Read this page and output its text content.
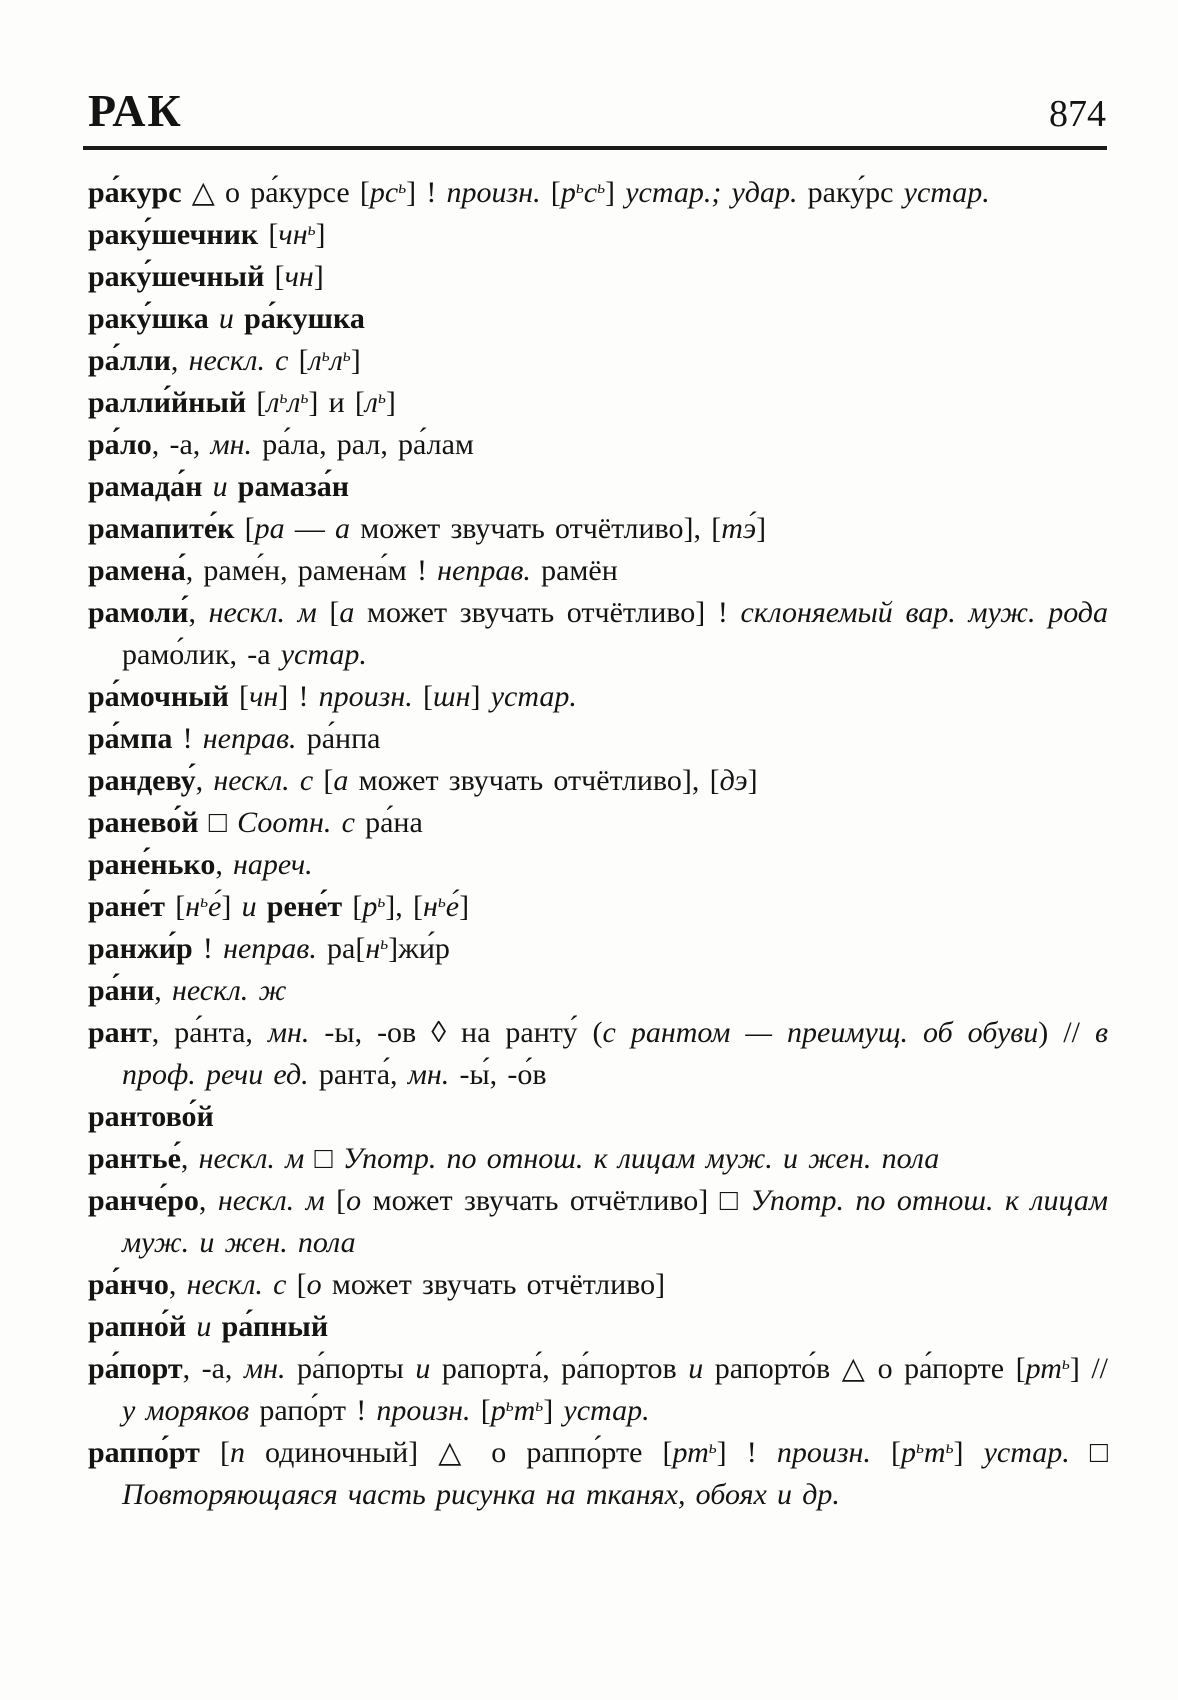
РАК	874

ра́курс △ о ра́курсе $[рс^ь]$ ! произн. $[р^ьс^ь]$ устар.; удар. раку́рс устар.

раку́шечник $[чн^ь]$

раку́шечный [чн]

раку́шка и ра́кушка

ра́лли, нескл. с $[л^ьл^ь]$

ралли́йный $[л^ьл^ь]$ и $[л^ь]$

ра́ло, -а, мн. ра́ла, рал, ра́лам

рамада́н и рамаза́н

рамапите́к [ра — а может звучать отчётливо], [тэ́]

рамена́, раме́н, рамена́м ! неправ. рамён

рамоли́, нескл. м [а может звучать отчётливо] ! склоняемый вар. муж. рода рамо́лик, -а устар.

ра́мочный [чн] ! произн. [шн] устар.

ра́мпа ! неправ. ра́нпа

рандеву́, нескл. с [а может звучать отчётливо], [дэ]

ранево́й □ Соотн. с ра́на

ране́нько, нареч.

ране́т $[н^ье́]$ и рене́т $[р^ь]$, $[н^ье́]$

ранжи́р ! неправ. $ра[н^ь]жи́р$

ра́ни, нескл. ж

рант, ра́нта, мн. -ы, -ов ◊ на ранту́ (с рантом — преимущ. об обуви) // в проф. речи ед. ранта́, мн. -ы́, -о́в

рантово́й

рантье́, нескл. м □ Употр. по отнош. к лицам муж. и жен. пола

ранче́ро, нескл. м [о может звучать отчётливо] □ Употр. по отнош. к лицам муж. и жен. пола

ра́нчо, нескл. с [о может звучать отчётливо]

рапно́й и ра́пный

ра́порт, -а, мн. ра́порты и рапорта́, ра́портов и рапорто́в △ о ра́порте $[рт^ь]$ // у моряков рапо́рт ! произн. $[р^ьт^ь]$ устар.

раппо́рт [п одиночный] △ о раппо́рте $[рт^ь]$ ! произн. $[р^ьт^ь]$ устар. □ Повторяющаяся часть рисунка на тканях, обоях и др.
